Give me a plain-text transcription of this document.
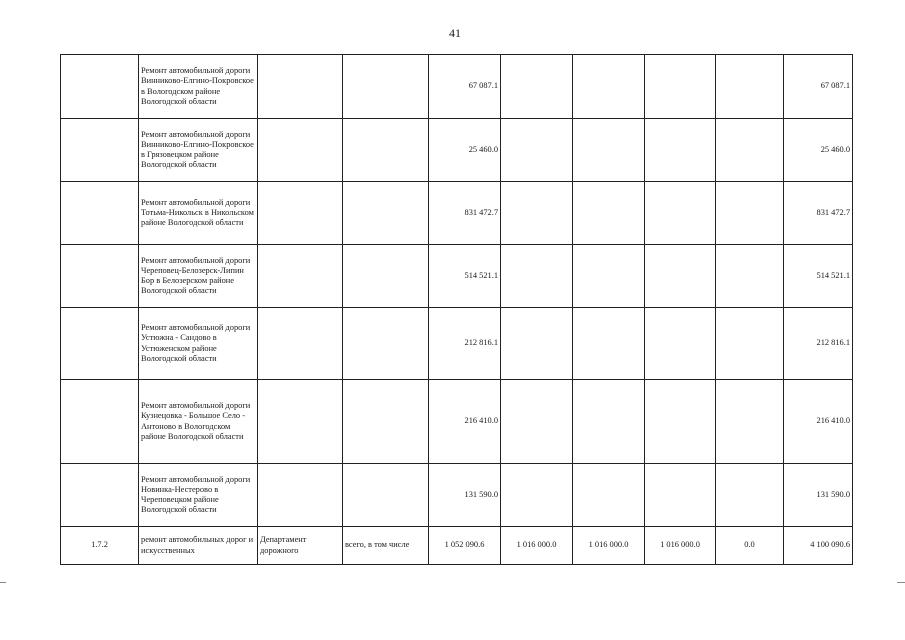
41
	Ремонт автомобильной дороги Винниково-Елгино-Покровское в Вологодском районе Вологодской области			67 087.1					67 087.1
	Ремонт автомобильной дороги Винниково-Елгино-Покровское в Грязовецком районе Вологодской области			25 460.0					25 460.0
	Ремонт автомобильной дороги Тотьма-Никольск в Никольском районе Вологодской области			831 472.7					831 472.7
	Ремонт автомобильной дороги Череповец-Белозерск-Липин Бор в Белозерском районе Вологодской области			514 521.1					514 521.1
	Ремонт автомобильной дороги Устюжна - Сандово в Устюженском районе Вологодской области			212 816.1					212 816.1
	Ремонт автомобильной дороги Кузнецовка - Большое Село - Антоново в Вологодском районе Вологодской области			216 410.0					216 410.0
	Ремонт автомобильной дороги Новинка-Нестерово в Череповецком районе Вологодской области			131 590.0					131 590.0
1.7.2	ремонт автомобильных дорог и искусственных	Департамент дорожного	всего, в том числе	1 052 090.6	1 016 000.0	1 016 000.0	1 016 000.0	0.0	4 100 090.6
